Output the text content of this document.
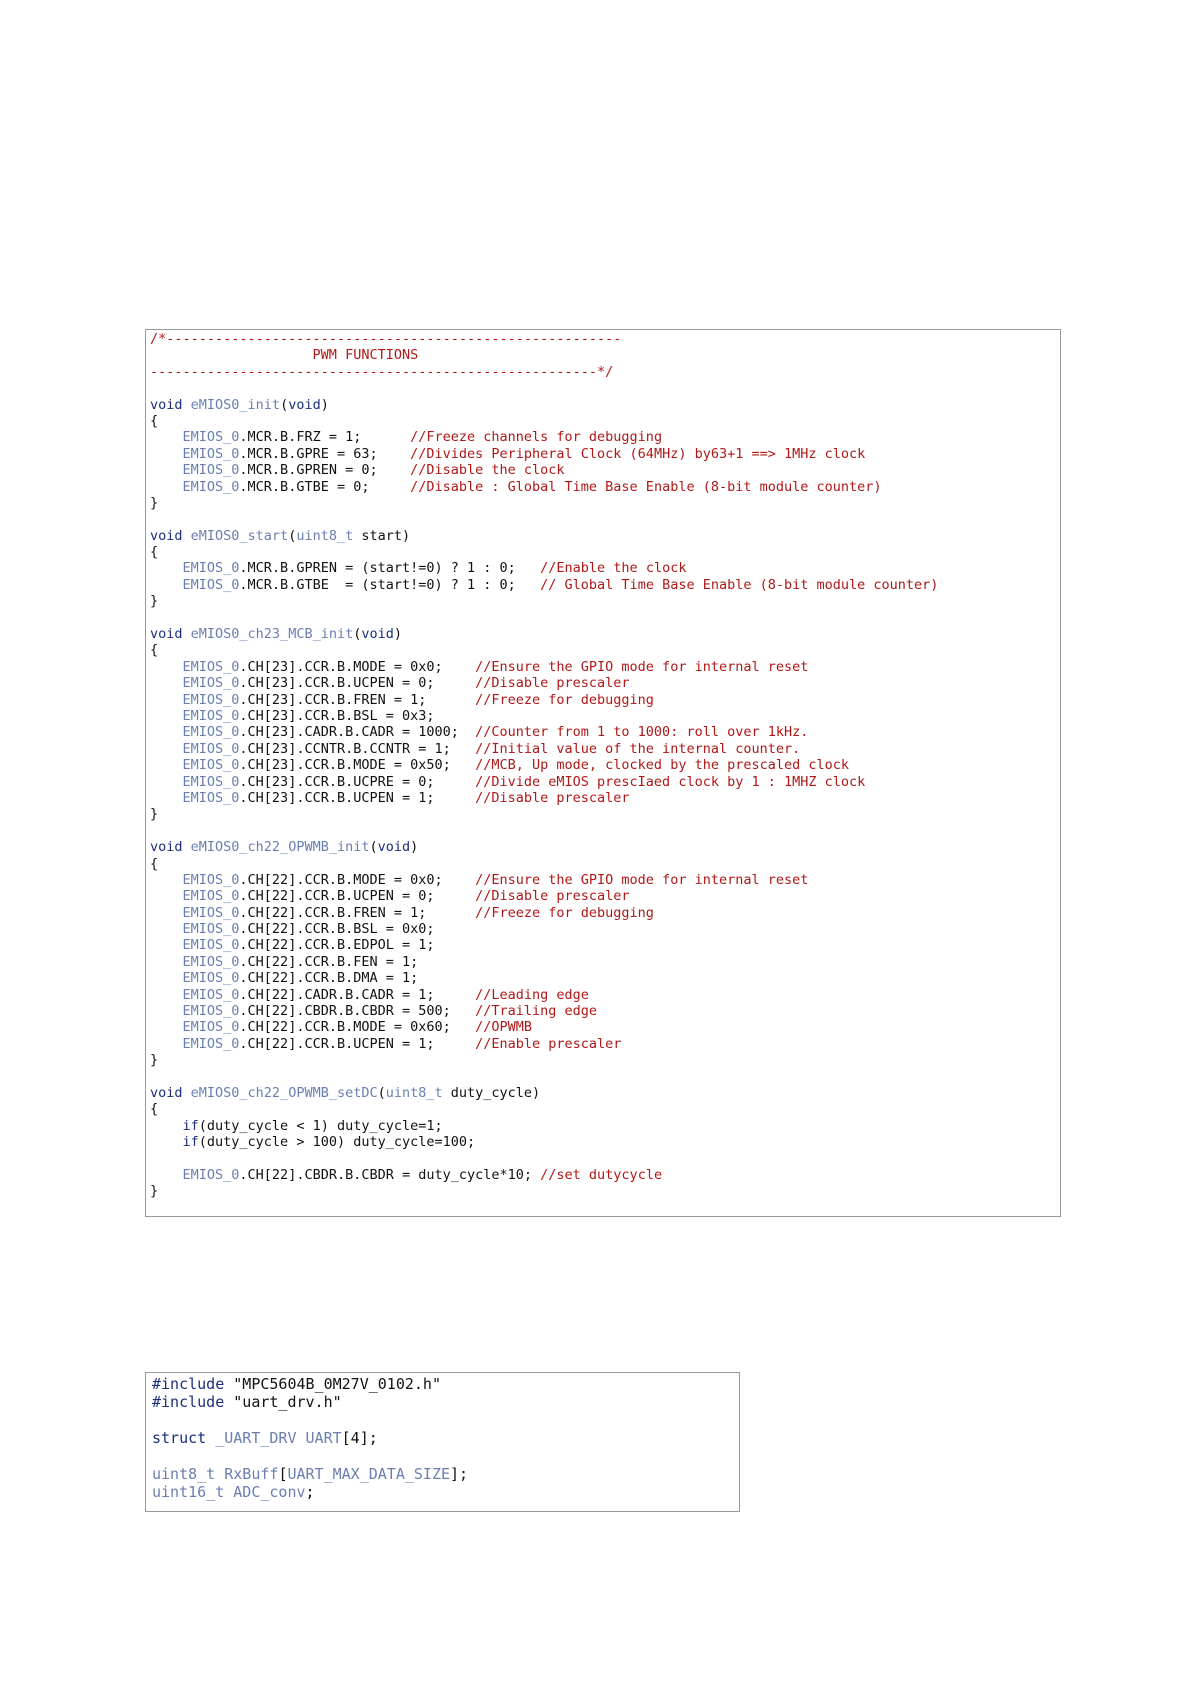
/*--------------------------------------------------------
PWM FUNCTIONS
-------------------------------------------------------*/
void eMIOS0_init(void)
{
EMIOS_0.MCR.B.FRZ = 1;      //Freeze channels for debugging
EMIOS_0.MCR.B.GPRE = 63;    //Divides Peripheral Clock (64MHz) by63+1 ==> 1MHz clock
EMIOS_0.MCR.B.GPREN = 0;    //Disable the clock
EMIOS_0.MCR.B.GTBE = 0;     //Disable : Global Time Base Enable (8-bit module counter)
}
void eMIOS0_start(uint8_t start)
{
EMIOS_0.MCR.B.GPREN = (start!=0) ? 1 : 0;   //Enable the clock
EMIOS_0.MCR.B.GTBE  = (start!=0) ? 1 : 0;   // Global Time Base Enable (8-bit module counter)
}
void eMIOS0_ch23_MCB_init(void)
{
EMIOS_0.CH[23].CCR.B.MODE = 0x0;    //Ensure the GPIO mode for internal reset
EMIOS_0.CH[23].CCR.B.UCPEN = 0;     //Disable prescaler
EMIOS_0.CH[23].CCR.B.FREN = 1;      //Freeze for debugging
EMIOS_0.CH[23].CCR.B.BSL = 0x3;
EMIOS_0.CH[23].CADR.B.CADR = 1000;  //Counter from 1 to 1000: roll over 1kHz.
EMIOS_0.CH[23].CCNTR.B.CCNTR = 1;   //Initial value of the internal counter.
EMIOS_0.CH[23].CCR.B.MODE = 0x50;   //MCB, Up mode, clocked by the prescaled clock
EMIOS_0.CH[23].CCR.B.UCPRE = 0;     //Divide eMIOS prescIaed clock by 1 : 1MHZ clock
EMIOS_0.CH[23].CCR.B.UCPEN = 1;     //Disable prescaler
}
void eMIOS0_ch22_OPWMB_init(void)
{
EMIOS_0.CH[22].CCR.B.MODE = 0x0;    //Ensure the GPIO mode for internal reset
EMIOS_0.CH[22].CCR.B.UCPEN = 0;     //Disable prescaler
EMIOS_0.CH[22].CCR.B.FREN = 1;      //Freeze for debugging
EMIOS_0.CH[22].CCR.B.BSL = 0x0;
EMIOS_0.CH[22].CCR.B.EDPOL = 1;
EMIOS_0.CH[22].CCR.B.FEN = 1;
EMIOS_0.CH[22].CCR.B.DMA = 1;
EMIOS_0.CH[22].CADR.B.CADR = 1;     //Leading edge
EMIOS_0.CH[22].CBDR.B.CBDR = 500;   //Trailing edge
EMIOS_0.CH[22].CCR.B.MODE = 0x60;   //OPWMB
EMIOS_0.CH[22].CCR.B.UCPEN = 1;     //Enable prescaler
}
void eMIOS0_ch22_OPWMB_setDC(uint8_t duty_cycle)
{
if(duty_cycle < 1) duty_cycle=1;
if(duty_cycle > 100) duty_cycle=100;
EMIOS_0.CH[22].CBDR.B.CBDR = duty_cycle*10; //set dutycycle
}
#include "MPC5604B_0M27V_0102.h"
#include "uart_drv.h"
struct _UART_DRV UART[4];
uint8_t RxBuff[UART_MAX_DATA_SIZE];
uint16_t ADC_conv;
